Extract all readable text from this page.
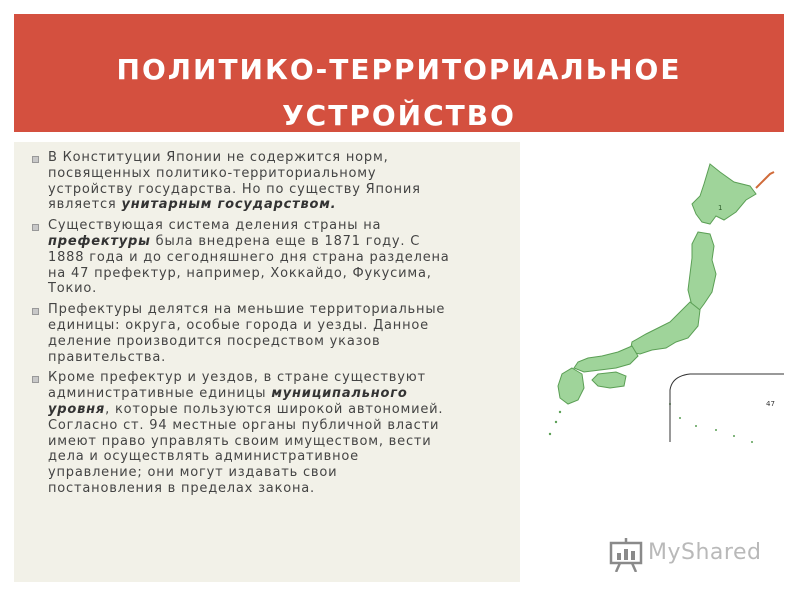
ПОЛИТИКО-ТЕРРИТОРИАЛЬНОЕ
УСТРОЙСТВО
В Конституции Японии не содержится норм, посвященных политико-территориальному устройству государства. Но по существу Япония является унитарным государством.
Существующая система деления страны на префектуры была внедрена еще в 1871 году. С 1888 года и до сегодняшнего дня страна разделена на 47 префектур, например, Хоккайдо, Фукусима, Токио.
Префектуры делятся на меньшие территориальные единицы: округа, особые города и уезды. Данное деление производится посредством указов правительства.
Кроме префектур и уездов, в стране существуют административные единицы муниципального уровня, которые пользуются широкой автономией. Согласно ст. 94 местные органы публичной власти имеют право управлять своим имуществом, вести дела и осуществлять административное управление; они могут издавать свои постановления в пределах закона.
1
47
MyShared
